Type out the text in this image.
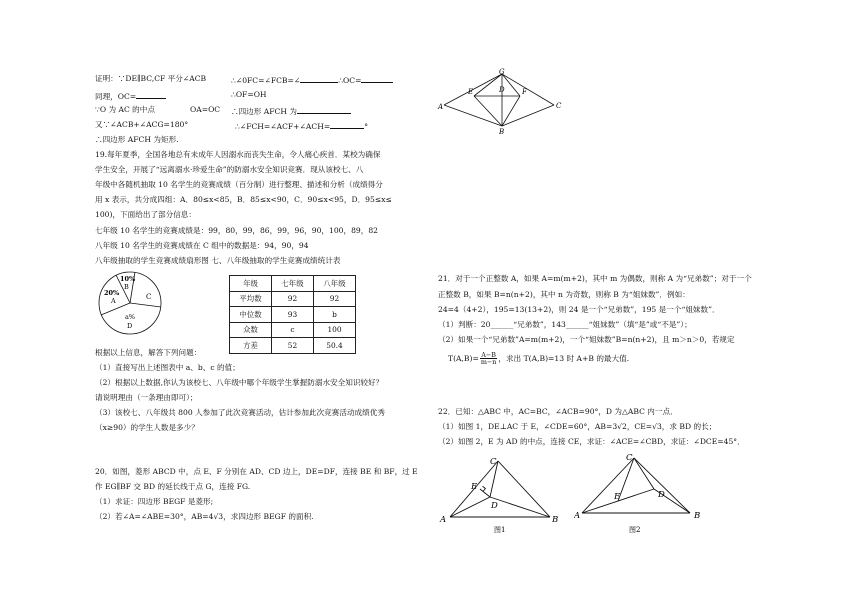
证明：∵DE∥BC,CF 平分∠ACB	∴∠0FC=∠FCB=∠	∴OC=
同理，OC=	∴OF=OH
∵O 为 AC 的中点	OA=OC ∴四边形 AFCH 为
又∵∠ACB+∠ACG=180°	∴∠FCH=∠ACF+∠ACH=	°
∴四边形 AFCH 为矩形.
E
G
D F
A	C
B
19.每年夏季，全国各地总有未成年人因溺水而丧失生命，令人痛心疾首．某校为确保
学生安全，开展了“远离溺水·珍爱生命”的防溺水安全知识竞赛．现从该校七、八
年级中各随机抽取 10 名学生的竞赛成绩（百分制）进行整理、描述和分析（成绩得分
用 x 表示，共分成四组：A．80≤x<85，B．85≤x<90，C．90≤x<95，D．95≤x≤
100)，下面给出了部分信息：
七年级 10 名学生的竞赛成绩是：99，80，99，86，99，96，90，100，89，82
八年级 10 名学生的竞赛成绩在 C 组中的数据是：94，90，94
八年级抽取的学生竞赛成绩扇形图 七、八年级抽取的学生竞赛成绩统计表
10%
B
20%
A	C
a%
D
年级	七年级	八年级
平均数	92	92
中位数	93	b
众数	c	100
方差	52	50.4
根据以上信息，解答下列问题：
（1）直接写出上述图表中 a、b、c 的值；
（2）根据以上数据,你认为该校七、八年级中哪个年级学生掌握防溺水安全知识较好？
请说明理由（一条理由即可）；
（3）该校七、八年级共 800 人参加了此次竞赛活动，估计参加此次竞赛活动成绩优秀
（x≥90）的学生人数是多少？
20．如图，菱形 ABCD 中，点 E、F 分别在 AD、CD 边上，DE=DF，连接 BE 和 BF，过 E
作 EG∥BF 交 BD 的延长线于点 G，连接 FG.
（1）求证：四边形 BEGF 是菱形;
（2）若∠A=∠ABE=30°，AB=4√3，求四边形 BEGF 的面积.
21．对于一个正整数 A，如果 A=m(m+2)，其中 m 为偶数，则称 A 为“兄弟数”；对于一个
正整数 B，如果 B=n(n+2)，其中 n 为奇数，则称 B 为“姐妹数”．例如：
24=4（4+2），195=13(13+2)，则 24 是一个“兄弟数”，195 是一个“姐妹数”．
（1）判断：20______“兄弟数”，143______“姐妹数”（填“是”或“不是”）；
（2）如果一个“兄弟数”A=m(m+2)，一个“姐妹数”B=n(n+2)，且 m＞n＞0，若规定
$T(A,B)= \frac{A-B}{m-n}$ ，求出 T(A,B)=13 时 A+B 的最大值.
22．已知：△ABC 中，AC=BC，∠ACB=90°，D 为△ABC 内一点．
（1）如图 1，DE⊥AC 于 E，∠CDE=60°，AB=3√2，CE=√3，求 BD 的长；
（2）如图 2，E 为 AD 的中点，连接 CE，求证：∠ACE=∠CBD，求证：∠DCE=45°．
C
E
D
A	B
图1
C
E	D
A	B
图2
